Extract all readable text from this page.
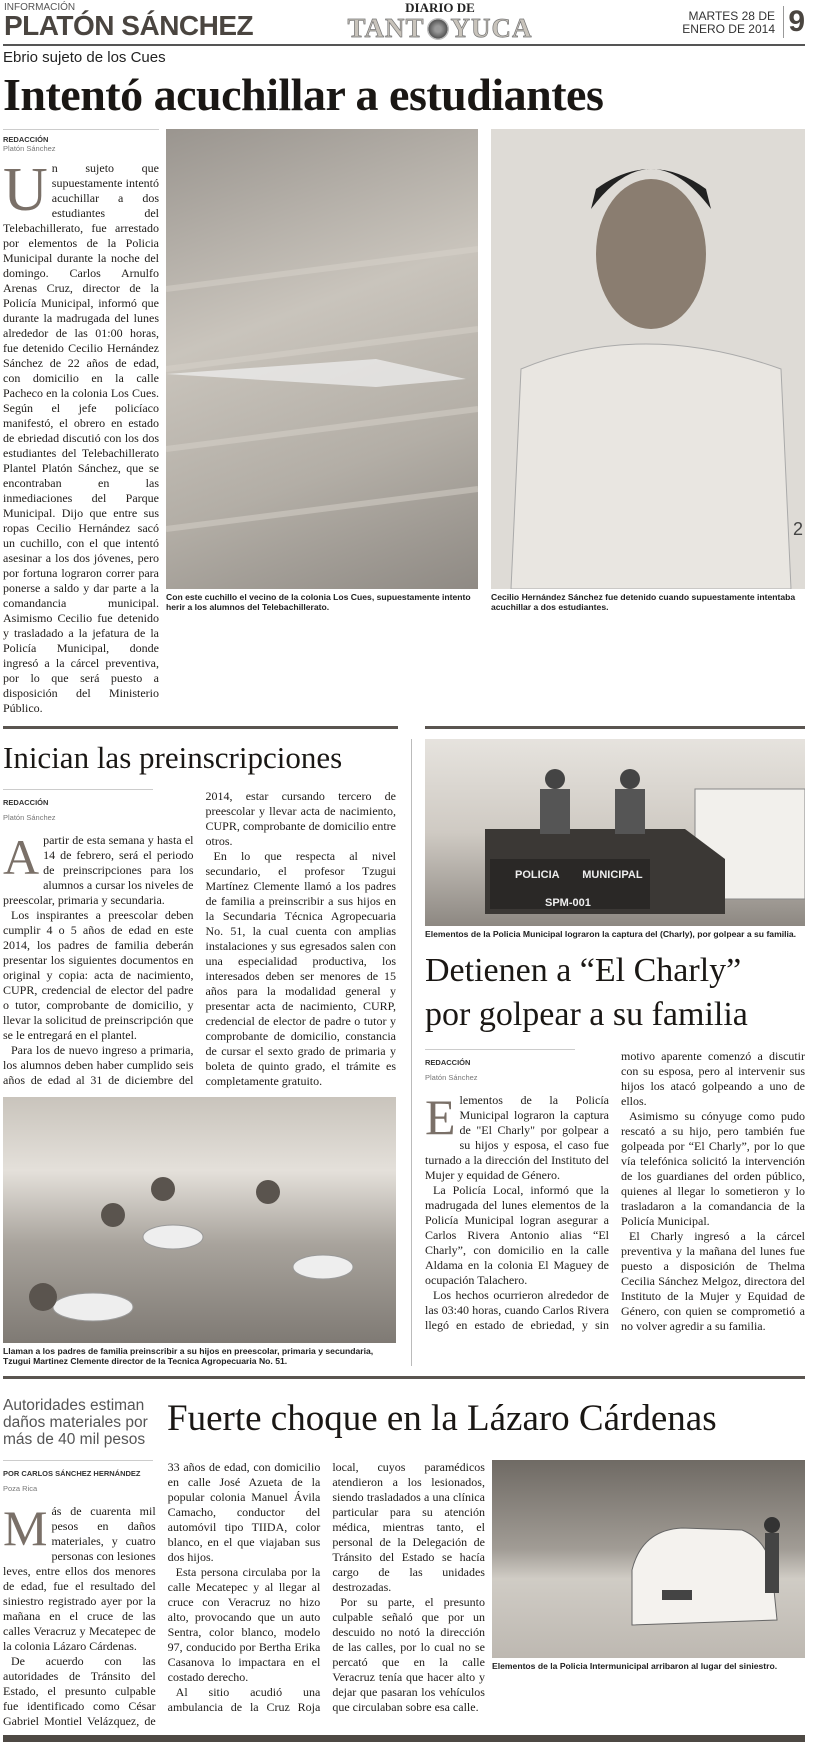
INFORMACIÓN
PLATÓN SÁNCHEZ
DIARIO DE
TANT YUCA	MARTES 28 DE
ENERO DE 2014 9
Ebrio sujeto de los Cues
Intentó acuchillar a estudiantes
REDACCIÓN
Platón Sánchez
U n sujeto que supuestamente intentó acuchillar a dos estudiantes del Telebachillerato, fue arrestado por elementos de la Policia Municipal durante la noche del domingo. Carlos Arnulfo Arenas Cruz, director de la Policía Municipal, informó que durante la madrugada del lunes alrededor de las 01:00 horas, fue detenido Cecilio Hernández Sánchez de 22 años de edad, con domicilio en la calle Pacheco en la colonia Los Cues. Según el jefe policíaco manifestó, el obrero en estado de ebriedad discutió con los dos estudiantes del Telebachillerato Plantel Platón Sánchez, que se encontraban en las inmediaciones del Parque Municipal. Dijo que entre sus ropas Cecilio Hernández sacó un cuchillo, con el que intentó asesinar a los dos jóvenes, pero por fortuna lograron correr para ponerse a saldo y dar parte a la comandancia municipal. Asimismo Cecilio fue detenido y trasladado a la jefatura de la Policía Municipal, donde ingresó a la cárcel preventiva, por lo que será puesto a disposición del Ministerio Público.

Con este cuchillo el vecino de la colonia Los Cues, supuestamente intento herir a los alumnos del Telebachillerato.
2
Cecilio Hernández Sánchez fue detenido cuando supuestamente intentaba acuchillar a dos estudiantes.
Inician las preinscripciones
REDACCIÓN
Platón Sánchez
A partir de esta semana y hasta el 14 de febrero, será el periodo de preinscripciones para los alumnos a cursar los niveles de preescolar, primaria y secundaria.

Los inspirantes a preescolar deben cumplir 4 o 5 años de edad en este 2014, los padres de familia deberán presentar los siguientes documentos en original y copia: acta de nacimiento, CUPR, credencial de elector del padre o tutor, comprobante de domicilio, y llevar la solicitud de preinscripción que se le entregará en el plantel.

Para los de nuevo ingreso a primaria, los alumnos deben haber cumplido seis años de edad al 31 de diciembre del 2014, estar cursando tercero de preescolar y llevar acta de nacimiento, CUPR, comprobante de domicilio entre otros.

En lo que respecta al nivel secundario, el profesor Tzugui Martínez Clemente llamó a los padres de familia a preinscribir a sus hijos en la Secundaria Técnica Agropecuaria No. 51, la cual cuenta con amplias instalaciones y sus egresados salen con una especialidad productiva, los interesados deben ser menores de 15 años para la modalidad general y presentar acta de nacimiento, CURP, credencial de elector de padre o tutor y comprobante de domicilio, constancia de cursar el sexto grado de primaria y boleta de quinto grado, el trámite es completamente gratuito.

Llaman a los padres de familia preinscribir a su hijos en preescolar, primaria y secundaria, Tzugui Martinez Clemente director de la Tecnica Agropecuaria No. 51.
POLICIA MUNICIPAL
SPM-001
Elementos de la Policia Municipal lograron la captura del (Charly), por golpear a su familia.
Detienen a “El Charly”
por golpear a su familia
REDACCIÓN
Platón Sánchez
E lementos de la Policía Municipal lograron la captura de "El Charly" por golpear a su hijos y esposa, el caso fue turnado a la dirección del Instituto del Mujer y equidad de Género.

La Policía Local, informó que la madrugada del lunes elementos de la Policía Municipal logran asegurar a Carlos Rivera Antonio alias “El Charly”, con domicilio en la calle Aldama en la colonia El Maguey de ocupación Talachero.

Los hechos ocurrieron alrededor de las 03:40 horas, cuando Carlos Rivera llegó en estado de ebriedad, y sin motivo aparente comenzó a discutir con su esposa, pero al intervenir sus hijos los atacó golpeando a uno de ellos.

Asimismo su cónyuge como pudo rescató a su hijo, pero también fue golpeada por “El Charly”, por lo que vía telefónica solicitó la intervención de los guardianes del orden público, quienes al llegar lo sometieron y lo trasladaron a la comandancia de la Policía Municipal.

El Charly ingresó a la cárcel preventiva y la mañana del lunes fue puesto a disposición de Thelma Cecilia Sánchez Melgoz, directora del Instituto de la Mujer y Equidad de Género, con quien se comprometió a no volver agredir a su familia.

Autoridades estiman daños materiales por más de 40 mil pesos
Fuerte choque en la Lázaro Cárdenas
POR CARLOS SÁNCHEZ HERNÁNDEZ
Poza Rica
M ás de cuarenta mil pesos en daños materiales, y cuatro personas con lesiones leves, entre ellos dos menores de edad, fue el resultado del siniestro registrado ayer por la mañana en el cruce de las calles Veracruz y Mecatepec de la colonia Lázaro Cárdenas.

De acuerdo con las autoridades de Tránsito del Estado, el presunto culpable fue identificado como César Gabriel Montiel Velázquez, de 33 años de edad, con domicilio en calle José Azueta de la popular colonia Manuel Ávila Camacho, conductor del automóvil tipo TIIDA, color blanco, en el que viajaban sus dos hijos.

Esta persona circulaba por la calle Mecatepec y al llegar al cruce con Veracruz no hizo alto, provocando que un auto Sentra, color blanco, modelo 97, conducido por Bertha Erika Casanova lo impactara en el costado derecho.

Al sitio acudió una ambulancia de la Cruz Roja local, cuyos paramédicos atendieron a los lesionados, siendo trasladados a una clínica particular para su atención médica, mientras tanto, el personal de la Delegación de Tránsito del Estado se hacía cargo de las unidades destrozadas.

Por su parte, el presunto culpable señaló que por un descuido no notó la dirección de las calles, por lo cual no se percató que en la calle Veracruz tenía que hacer alto y dejar que pasaran los vehículos que circulaban sobre esa calle.

Elementos de la Policia Intermunicipal arribaron al lugar del siniestro.
